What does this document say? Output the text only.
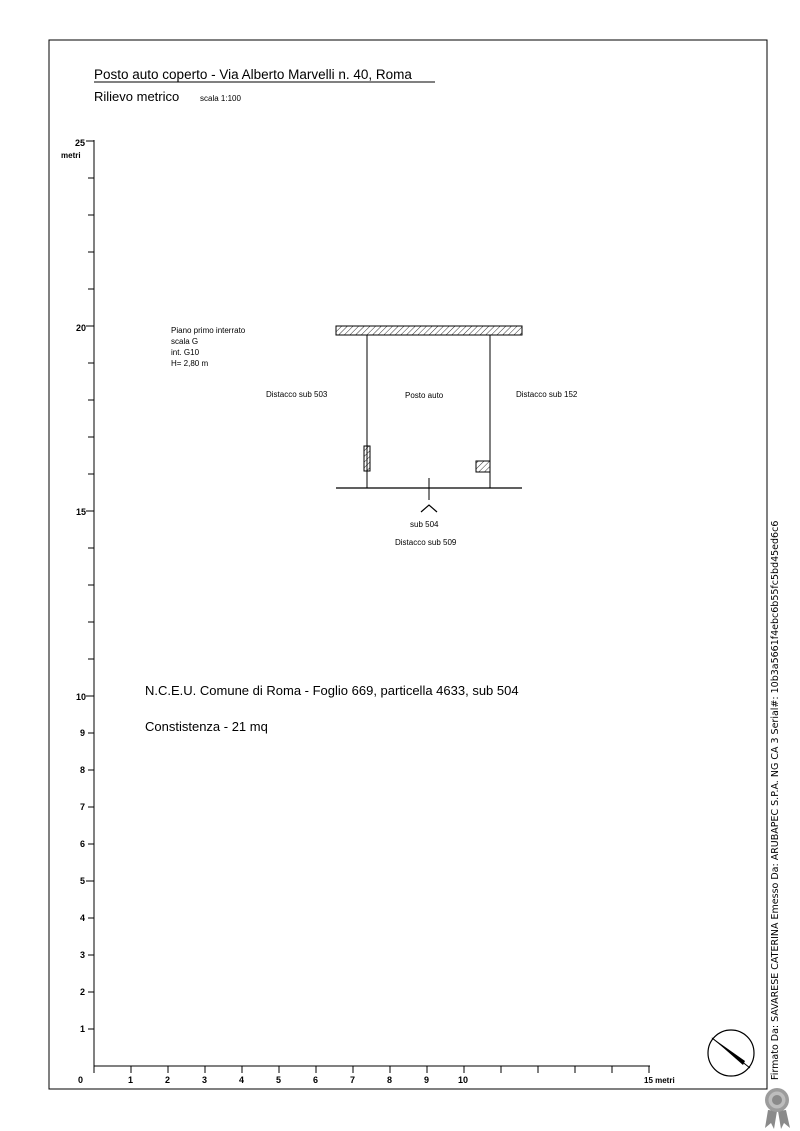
Posto auto coperto - Via Alberto Marvelli n. 40, Roma
Rilievo metrico	scala 1:100
25
metri
20
15
10
9
8
7
6
5
4
3
2
1
0	1	2	3	4	5	6	7	8	9	10	15 metri
Piano primo interrato
scala G
int. G10
H= 2,80 m
Distacco sub 503	Posto auto	Distacco sub 152
sub 504
Distacco sub 509
N.C.E.U. Comune di Roma - Foglio 669, particella 4633, sub 504
Constistenza - 21 mq	Firmato Da: SAVARESE CATERINA Emesso Da: ARUBAPEC S.P.A. NG CA 3 Serial#: 10b3a5661f4ebc6b55fc5bd45ed6c6
